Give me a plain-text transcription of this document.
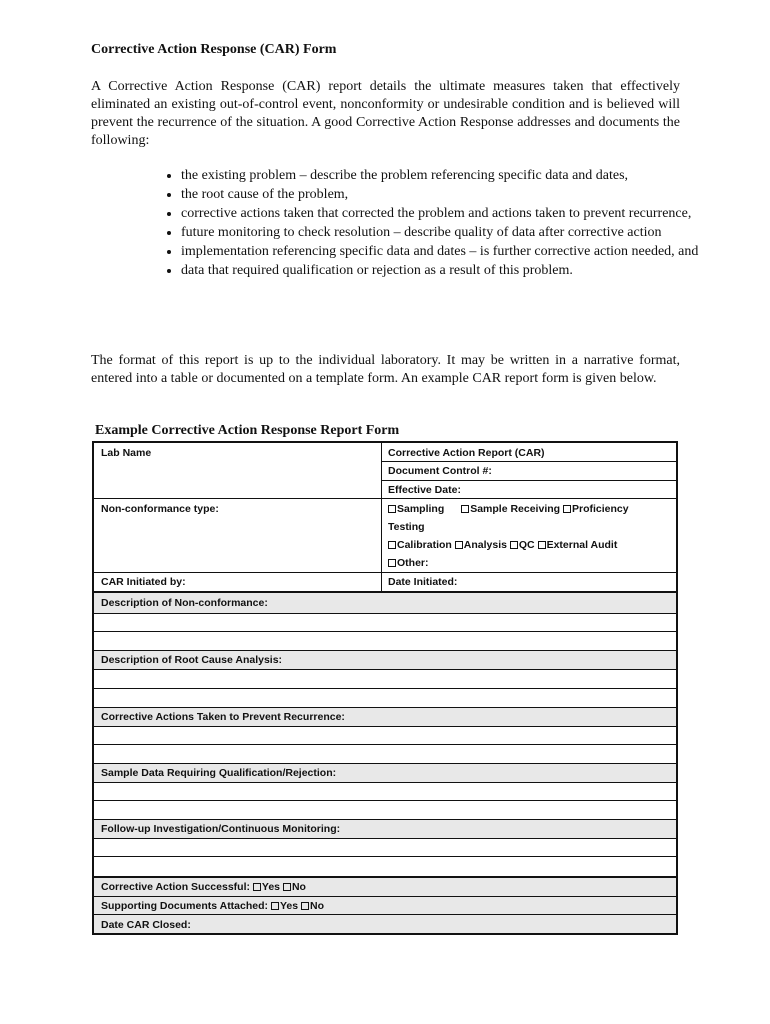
Corrective Action Response (CAR) Form

A Corrective Action Response (CAR) report details the ultimate measures taken that effectively eliminated an existing out-of-control event, nonconformity or undesirable condition and is believed will prevent the recurrence of the situation. A good Corrective Action Response addresses and documents the following:

• the existing problem – describe the problem referencing specific data and dates,
• the root cause of the problem,
• corrective actions taken that corrected the problem and actions taken to prevent recurrence,
• future monitoring to check resolution – describe quality of data after corrective action
• implementation referencing specific data and dates – is further corrective action needed, and
• data that required qualification or rejection as a result of this problem.

The format of this report is up to the individual laboratory. It may be written in a narrative format, entered into a table or documented on a template form. An example CAR report form is given below.

Example Corrective Action Response Report Form
Lab Name	Corrective Action Report (CAR)
Document Control #:
Effective Date:
Non-conformance type:	Sampling Sample Receiving Proficiency
Testing
Calibration Analysis QC External Audit
Other:
CAR Initiated by:	Date Initiated:
Description of Non-conformance:
Description of Root Cause Analysis:
Corrective Actions Taken to Prevent Recurrence:
Sample Data Requiring Qualification/Rejection:
Follow-up Investigation/Continuous Monitoring:
Corrective Action Successful: Yes No
Supporting Documents Attached: Yes No
Date CAR Closed:
